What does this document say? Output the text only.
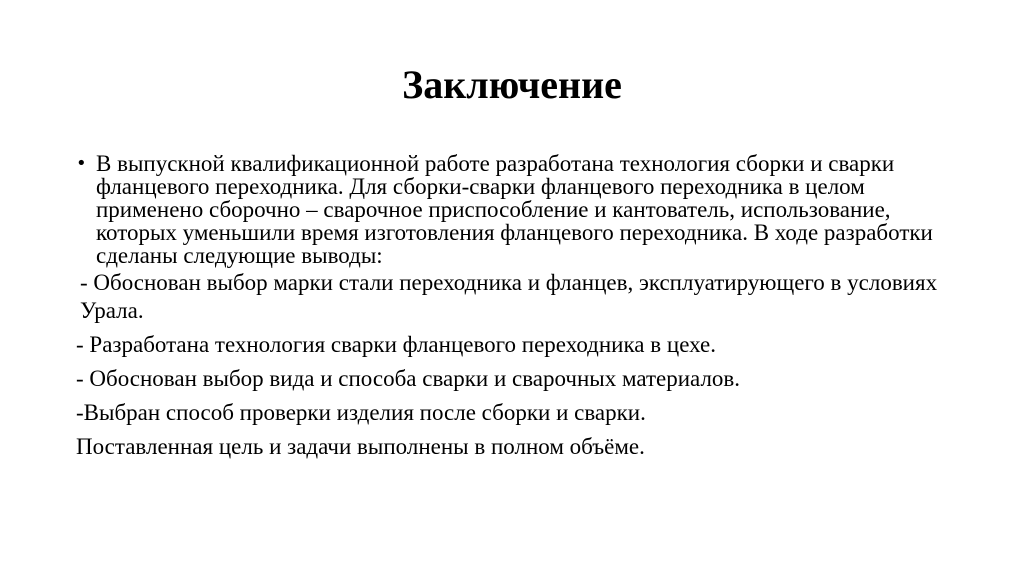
Заключение
• В выпускной квалификационной работе разработана технология сборки и сварки фланцевого переходника. Для сборки-сварки фланцевого переходника в целом применено сборочно – сварочное приспособление и кантователь, использование, которых уменьшили время изготовления фланцевого переходника. В ходе разработки сделаны следующие выводы:
- Обоснован выбор марки стали переходника и фланцев, эксплуатирующего в условиях Урала.
- Разработана технология сварки фланцевого переходника в цехе.
- Обоснован выбор вида и способа сварки и сварочных материалов.
-Выбран способ проверки изделия после сборки и сварки.
Поставленная цель и задачи выполнены в полном объёме.
